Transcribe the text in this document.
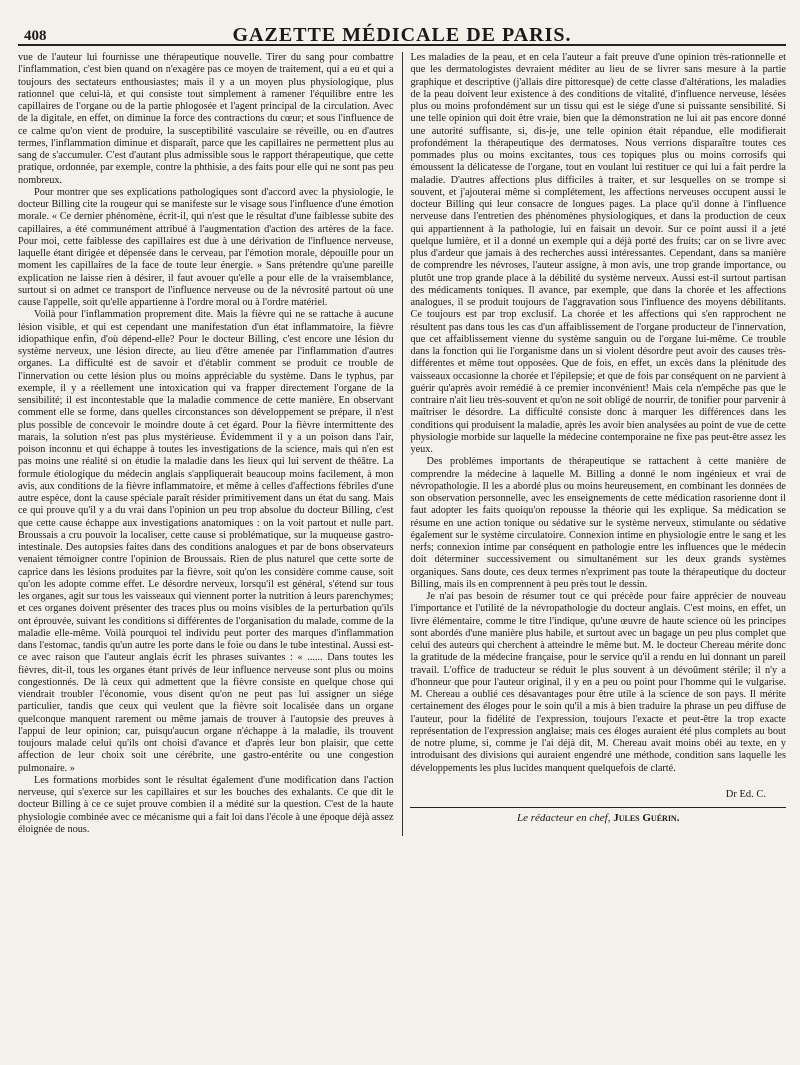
408	GAZETTE MÉDICALE DE PARIS.

vue de l'auteur lui fournisse une thérapeutique nouvelle. Tirer du sang pour combattre l'inflammation, c'est bien quand on n'exagère pas ce moyen de traitement, qui a eu et qui a toujours des sectateurs enthousiastes; mais il y a un moyen plus physiologique, plus rationnel que celui-là, et qui consiste tout simplement à ramener l'équilibre entre les capillaires de l'organe ou de la partie phlogosée et l'agent principal de la circulation. Avec de la digitale, en effet, on diminue la force des contractions du cœur; et sous l'influence de ce calme qu'on vient de produire, la susceptibilité vasculaire se réveille, ou en d'autres termes, l'inflammation diminue et disparaît, parce que les capillaires ne permettent plus au sang de s'accumuler. C'est d'autant plus admissible sous le rapport thérapeutique, que cette pratique, ordonnée, par exemple, contre la phthisie, a des faits pour elle qui ne sont pas peu nombreux.

Pour montrer que ses explications pathologiques sont d'accord avec la physiologie, le docteur Billing cite la rougeur qui se manifeste sur le visage sous l'influence d'une émotion morale. « Ce dernier phénomène, écrit-il, qui n'est que le résultat d'une faiblesse subite des capillaires, a été communément attribué à l'augmentation d'action des artères de la face. Pour moi, cette faiblesse des capillaires est due à une dérivation de l'influence nerveuse, laquelle étant dirigée et dépensée dans le cerveau, par l'émotion morale, dépouille pour un moment les capillaires de la face de toute leur énergie. » Sans prétendre qu'une pareille explication ne laisse rien à désirer, il faut avouer qu'elle a pour elle de la vraisemblance, surtout si on admet ce transport de l'influence nerveuse ou de la névrosité partout où une cause l'appelle, soit qu'elle appartienne à l'ordre moral ou à l'ordre matériel.

Voilà pour l'inflammation proprement dite. Mais la fièvre qui ne se rattache à aucune lésion visible, et qui est cependant une manifestation d'un état inflammatoire, la fièvre idiopathique enfin, d'où dépend-elle? Pour le docteur Billing, c'est encore une lésion du système nerveux, une lésion directe, au lieu d'être amenée par l'inflammation d'autres organes. La difficulté est de savoir et d'établir comment se produit ce trouble de l'innervation ou cette lésion plus ou moins appréciable du système. Dans le typhus, par exemple, il y a réellement une intoxication qui va frapper directement l'organe de la sensibilité; il est incontestable que la maladie commence de cette manière. En observant comment elle se forme, dans quelles circonstances son développement se prépare, il n'est plus possible de concevoir le moindre doute à cet égard. Pour la fièvre intermittente des marais, la solution n'est pas plus mystérieuse. Évidemment il y a un poison dans l'air, poison inconnu et qui échappe à toutes les investigations de la science, mais qui n'en est pas moins une réalité si on étudie la maladie dans les lieux qui lui servent de théâtre. La formule étiologique du médecin anglais s'appliquerait beaucoup moins facilement, à mon avis, aux conditions de la fièvre inflammatoire, et même à celles d'affections fébriles d'une autre espèce, dont la cause spéciale paraît résider primitivement dans un état du sang. Mais ce qui prouve qu'il y a du vrai dans l'opinion un peu trop absolue du docteur Billing, c'est que cette cause échappe aux investigations anatomiques : on la voit partout et nulle part. Broussais a cru pouvoir la localiser, cette cause si problématique, sur la muqueuse gastro-intestinale. Des autopsies faites dans des conditions analogues et par de bons observateurs venaient témoigner contre l'opinion de Broussais. Rien de plus naturel que cette sorte de caprice dans les lésions produites par la fièvre, soit qu'on les considère comme cause, soit qu'on les adopte comme effet. Le désordre nerveux, lorsqu'il est général, s'étend sur tous les organes, agit sur tous les vaisseaux qui viennent porter la nutrition à leurs parenchymes; et ces organes doivent présenter des traces plus ou moins visibles de la perturbation qu'ils ont éprouvée, suivant les conditions si différentes de l'organisation du malade, comme de la maladie elle-même. Voilà pourquoi tel individu peut porter des marques d'inflammation dans l'estomac, tandis qu'un autre les porte dans le foie ou dans le tube intestinal. Aussi est-ce avec raison que l'auteur anglais écrit les phrases suivantes : « ...... Dans toutes les fièvres, dit-il, tous les organes étant privés de leur influence nerveuse sont plus ou moins congestionnés. De là ceux qui admettent que la fièvre consiste en quelque chose qui viendrait troubler l'économie, vous disent qu'on ne peut pas lui assigner un siége particulier, tandis que ceux qui veulent que la fièvre soit localisée dans un organe quelconque manquent rarement ou même jamais de trouver à l'autopsie des preuves à l'appui de leur opinion; car, puisqu'aucun organe n'échappe à la maladie, ils trouvent toujours malade celui qu'ils ont choisi d'avance et d'après leur bon plaisir, que cette affection de leur choix soit une cérébrite, une gastro-entérite ou une congestion pulmonaire. »

Les formations morbides sont le résultat également d'une modification dans l'action nerveuse, qui s'exerce sur les capillaires et sur les bouches des exhalants. Ce que dit le docteur Billing à ce ce sujet prouve combien il a médité sur la question. C'est de la haute physiologie combinée avec ce mécanisme qui a fait loi dans l'école à une époque déjà assez éloignée de nous.

Les maladies de la peau, et en cela l'auteur a fait preuve d'une opinion très-rationnelle et que les dermatologistes devraient méditer au lieu de se livrer sans mesure à la partie graphique et descriptive (j'allais dire pittoresque) de cette classe d'altérations, les maladies de la peau doivent leur existence à des conditions de vitalité, d'influence nerveuse, lésées plus ou moins profondément sur un tissu qui est le siége d'une si puissante sensibilité. Si une telle opinion qui doit être vraie, bien que la démonstration ne lui ait pas encore donné une autorité suffisante, si, dis-je, une telle opinion était répandue, elle modifierait profondément la thérapeutique des dermatoses. Nous verrions disparaître toutes ces pommades plus ou moins excitantes, tous ces topiques plus ou moins corrosifs qui émoussent la délicatesse de l'organe, tout en voulant lui restituer ce qui lui a fait perdre la maladie. D'autres affections plus difficiles à traiter, et sur lesquelles on se trompe si souvent, et j'ajouterai même si complétement, les affections nerveuses occupent aussi le docteur Billing qui leur consacre de longues pages. La place qu'il donne à l'influence nerveuse dans l'entretien des phénomènes physiologiques, et dans la production de ceux qui appartiennent à la pathologie, lui en faisait un devoir. Sur ce point aussi il a jeté quelque lumière, et il a donné un exemple qui a déjà porté des fruits; car on se livre avec plus d'ardeur que jamais à des recherches aussi intéressantes. Cependant, dans sa manière de comprendre les névroses, l'auteur assigne, à mon avis, une trop grande importance, ou plutôt une trop grande place à la débilité du système nerveux. Aussi est-il surtout partisan des médicaments toniques. Il avance, par exemple, que dans la chorée et les affections analogues, il se produit toujours de l'aggravation sous l'influence des moyens débilitants. Ce toujours est par trop exclusif. La chorée et les affections qui s'en rapprochent ne résultent pas dans tous les cas d'un affaiblissement de l'organe producteur de l'innervation, que cet affaiblissement vienne du système sanguin ou de l'organe lui-même. Ce trouble dans la fonction qui lie l'organisme dans un si violent désordre peut avoir des causes très-différentes et même tout opposées. Que de fois, en effet, un excès dans la plénitude des vaisseaux occasionne la chorée et l'épilepsie; et que de fois par conséquent on ne parvient à guérir qu'après avoir remédié à ce premier inconvénient! Mais cela n'empêche pas que le contraire n'ait lieu très-souvent et qu'on ne soit obligé de nourrir, de tonifier pour parvenir à maîtriser le désordre. La difficulté consiste donc à marquer les différences dans les conditions qui produisent la maladie, après les avoir bien analysées au point de vue de cette physiologie morbide sur laquelle la médecine contemporaine ne fixe pas peut-être assez les yeux.

Des problèmes importants de thérapeutique se rattachent à cette manière de comprendre la médecine à laquelle M. Billing a donné le nom ingénieux et vrai de névropathologie. Il les a abordé plus ou moins heureusement, en combinant les données de son observation personnelle, avec les enseignements de cette médication rasorienne dont il faut adopter les faits quoiqu'on repousse la théorie qui les explique. Sa médication se résume en une action tonique ou sédative sur le système nerveux, stimulante ou sédative également sur le système circulatoire. Connexion intime en physiologie entre le sang et les nerfs; connexion intime par conséquent en pathologie entre les influences que le médecin doit déterminer successivement ou simultanément sur les deux grands systèmes organiques. Sans doute, ces deux termes n'expriment pas toute la thérapeutique du docteur Billing, mais ils en comprennent à peu près tout le dessin.

Je n'ai pas besoin de résumer tout ce qui précède pour faire apprécier de nouveau l'importance et l'utilité de la névropathologie du docteur anglais. C'est moins, en effet, un livre élémentaire, comme le titre l'indique, qu'une œuvre de haute science où les principes sont abordés d'une manière plus habile, et surtout avec un bagage un peu plus complet que celui des auteurs qui cherchent à atteindre le même but. M. le docteur Chereau mérite donc la gratitude de la médecine française, pour le service qu'il a rendu en lui donnant un pareil travail. L'office de traducteur se réduit le plus souvent à un dévoûment stérile; il n'y a d'honneur que pour l'auteur original, il y en a peu ou point pour l'homme qui le vulgarise. M. Chereau a oublié ces désavantages pour être utile à la science de son pays. Il mérite certainement des éloges pour le soin qu'il a mis à bien traduire la phrase un peu diffuse de l'auteur, pour la fidélité de l'expression, toujours l'exacte et peut-être la trop exacte représentation de l'expression anglaise; mais ces éloges auraient été plus complets au bout de notre plume, si, comme je l'ai déjà dit, M. Chereau avait moins obéi au texte, en y introduisant des divisions qui auraient engendré une méthode, condition sans laquelle les développements les plus lucides manquent quelquefois de clarté.

Dr Ed. C.
Le rédacteur en chef, Jules Guérin.
